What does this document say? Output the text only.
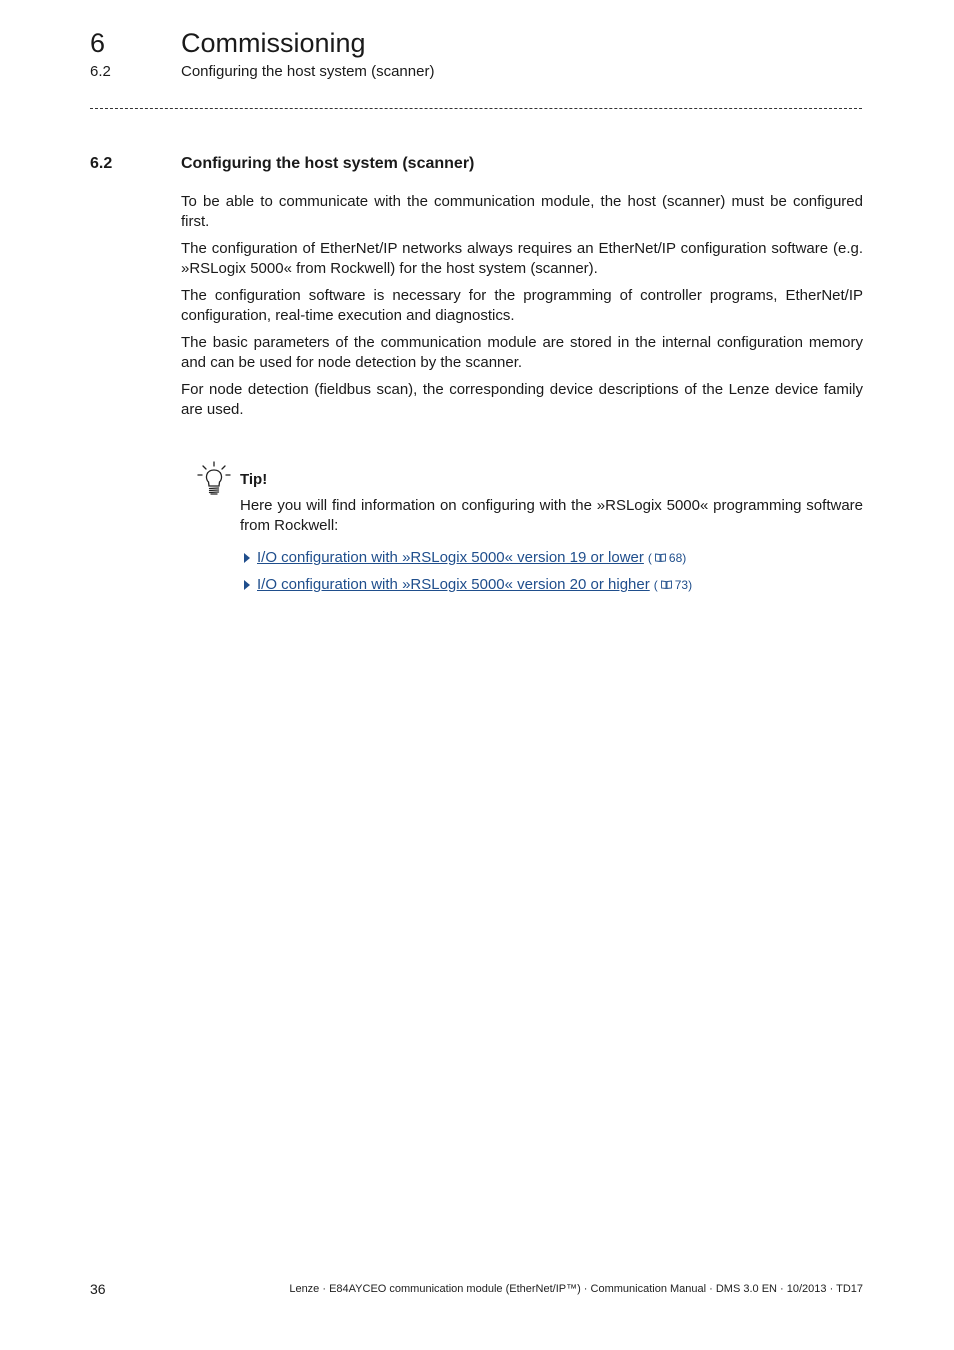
6	Commissioning
6.2	Configuring the host system (scanner)
6.2	Configuring the host system (scanner)

To be able to communicate with the communication module, the host (scanner) must be configured first.

The configuration of EtherNet/IP networks always requires an EtherNet/IP configuration software (e.g. »RSLogix 5000« from Rockwell) for the host system (scanner).

The configuration software is necessary for the programming of controller programs, EtherNet/IP configuration, real-time execution and diagnostics.

The basic parameters of the communication module are stored in the internal configuration memory and can be used for node detection by the scanner.

For node detection (fieldbus scan), the corresponding device descriptions of the Lenze device family are used.

Tip!

Here you will find information on configuring with the »RSLogix 5000« programming software from Rockwell:

I/O configuration with »RSLogix 5000« version 19 or lower ( 68 )
I/O configuration with »RSLogix 5000« version 20 or higher ( 73 )
36	Lenze · E84AYCEO communication module (EtherNet/IP™) · Communication Manual · DMS 3.0 EN · 10/2013 · TD17
